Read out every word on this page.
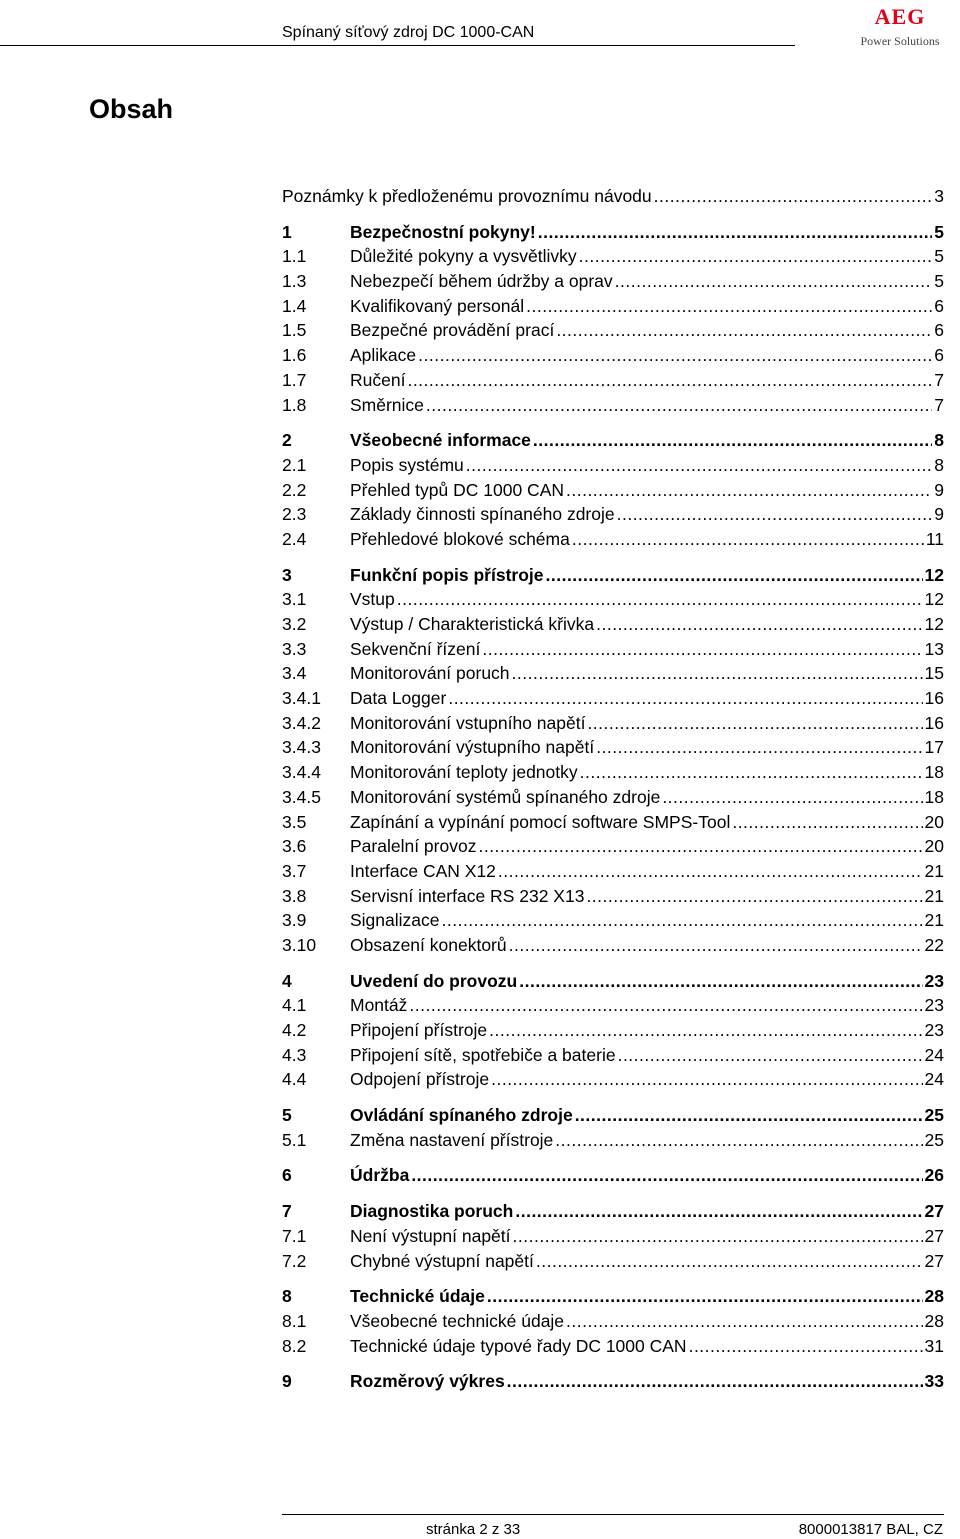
Spínaný síťový zdroj DC 1000-CAN
AEG
Power Solutions
Obsah
Poznámky k předloženému provoznímu návodu .....	3
1	Bezpečnostní pokyny! .....	5
1.1	Důležité pokyny a vysvětlivky .....	5
1.3	Nebezpečí během údržby a oprav .....	5
1.4	Kvalifikovaný personál .....	6
1.5	Bezpečné provádění prací .....	6
1.6	Aplikace .....	6
1.7	Ručení .....	7
1.8	Směrnice .....	7
2	Všeobecné informace .....	8
2.1	Popis systému .....	8
2.2	Přehled typů DC 1000 CAN .....	9
2.3	Základy činnosti spínaného zdroje .....	9
2.4	Přehledové blokové schéma .....	11
3	Funkční popis přístroje .....	12
3.1	Vstup .....	12
3.2	Výstup / Charakteristická křivka .....	12
3.3	Sekvenční řízení .....	13
3.4	Monitorování poruch .....	15
3.4.1	Data Logger .....	16
3.4.2	Monitorování vstupního napětí .....	16
3.4.3	Monitorování výstupního napětí .....	17
3.4.4	Monitorování teploty jednotky .....	18
3.4.5	Monitorování systémů spínaného zdroje .....	18
3.5	Zapínání a vypínání pomocí software SMPS-Tool .....	20
3.6	Paralelní provoz .....	20
3.7	Interface CAN X12 .....	21
3.8	Servisní interface RS 232 X13 .....	21
3.9	Signalizace .....	21
3.10	Obsazení konektorů .....	22
4	Uvedení do provozu .....	23
4.1	Montáž .....	23
4.2	Připojení přístroje .....	23
4.3	Připojení sítě, spotřebiče a baterie .....	24
4.4	Odpojení přístroje .....	24
5	Ovládání spínaného zdroje .....	25
5.1	Změna nastavení přístroje .....	25
6	Údržba .....	26
7	Diagnostika poruch .....	27
7.1	Není výstupní napětí .....	27
7.2	Chybné výstupní napětí .....	27
8	Technické údaje .....	28
8.1	Všeobecné technické údaje .....	28
8.2	Technické údaje typové řady DC 1000 CAN .....	31
9	Rozměrový výkres .....	33
stránka 2 z 33	8000013817 BAL, CZ
